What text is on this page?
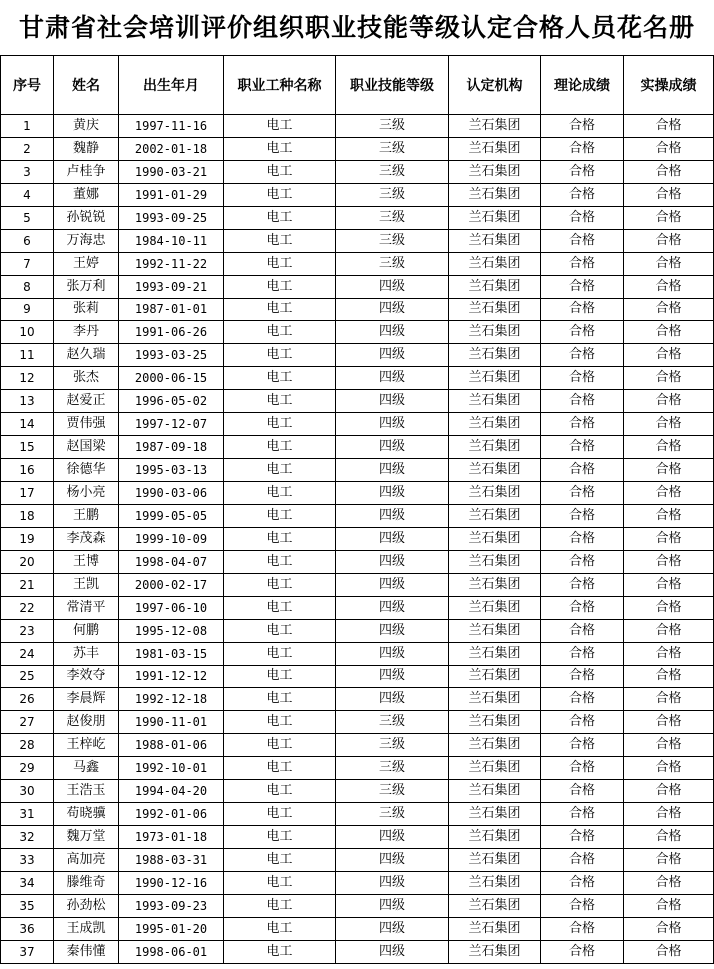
甘肃省社会培训评价组织职业技能等级认定合格人员花名册
序号	姓名	出生年月	职业工种名称	职业技能等级	认定机构	理论成绩	实操成绩
1	黄庆	1997-11-16	电工	三级	兰石集团	合格	合格
2	魏静	2002-01-18	电工	三级	兰石集团	合格	合格
3	卢桂争	1990-03-21	电工	三级	兰石集团	合格	合格
4	董娜	1991-01-29	电工	三级	兰石集团	合格	合格
5	孙锐锐	1993-09-25	电工	三级	兰石集团	合格	合格
6	万海忠	1984-10-11	电工	三级	兰石集团	合格	合格
7	王婷	1992-11-22	电工	三级	兰石集团	合格	合格
8	张万利	1993-09-21	电工	四级	兰石集团	合格	合格
9	张莉	1987-01-01	电工	四级	兰石集团	合格	合格
10	李丹	1991-06-26	电工	四级	兰石集团	合格	合格
11	赵久瑞	1993-03-25	电工	四级	兰石集团	合格	合格
12	张杰	2000-06-15	电工	四级	兰石集团	合格	合格
13	赵爱正	1996-05-02	电工	四级	兰石集团	合格	合格
14	贾伟强	1997-12-07	电工	四级	兰石集团	合格	合格
15	赵国梁	1987-09-18	电工	四级	兰石集团	合格	合格
16	徐德华	1995-03-13	电工	四级	兰石集团	合格	合格
17	杨小亮	1990-03-06	电工	四级	兰石集团	合格	合格
18	王鹏	1999-05-05	电工	四级	兰石集团	合格	合格
19	李茂森	1999-10-09	电工	四级	兰石集团	合格	合格
20	王博	1998-04-07	电工	四级	兰石集团	合格	合格
21	王凯	2000-02-17	电工	四级	兰石集团	合格	合格
22	常清平	1997-06-10	电工	四级	兰石集团	合格	合格
23	何鹏	1995-12-08	电工	四级	兰石集团	合格	合格
24	苏丰	1981-03-15	电工	四级	兰石集团	合格	合格
25	李效夺	1991-12-12	电工	四级	兰石集团	合格	合格
26	李晨辉	1992-12-18	电工	四级	兰石集团	合格	合格
27	赵俊朋	1990-11-01	电工	三级	兰石集团	合格	合格
28	王梓屹	1988-01-06	电工	三级	兰石集团	合格	合格
29	马鑫	1992-10-01	电工	三级	兰石集团	合格	合格
30	王浩玉	1994-04-20	电工	三级	兰石集团	合格	合格
31	苟晓骥	1992-01-06	电工	三级	兰石集团	合格	合格
32	魏万堂	1973-01-18	电工	四级	兰石集团	合格	合格
33	高加亮	1988-03-31	电工	四级	兰石集团	合格	合格
34	滕维奇	1990-12-16	电工	四级	兰石集团	合格	合格
35	孙劲松	1993-09-23	电工	四级	兰石集团	合格	合格
36	王成凯	1995-01-20	电工	四级	兰石集团	合格	合格
37	秦伟懂	1998-06-01	电工	四级	兰石集团	合格	合格
